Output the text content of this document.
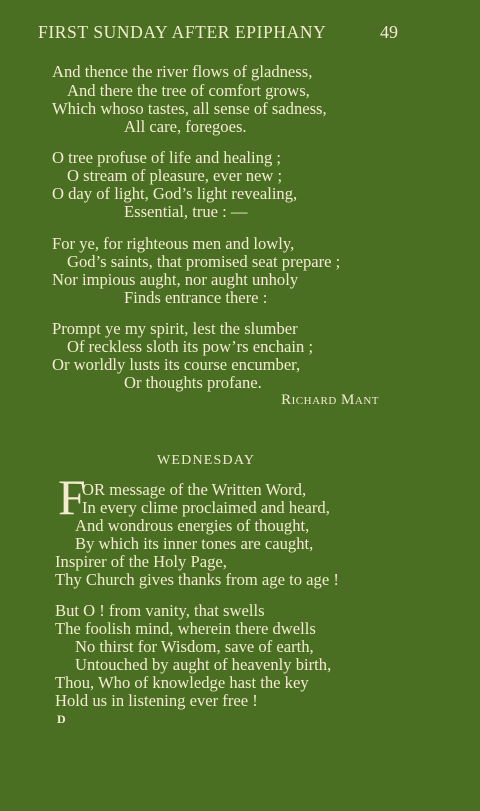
FIRST SUNDAY AFTER EPIPHANY	49
And thence the river flows of gladness,
And there the tree of comfort grows,
Which whoso tastes, all sense of sadness,
All care, foregoes.
O tree profuse of life and healing ;
O stream of pleasure, ever new ;
O day of light, God’s light revealing,
Essential, true : —
For ye, for righteous men and lowly,
God’s saints, that promised seat prepare ;
Nor impious aught, nor aught unholy
Finds entrance there :
Prompt ye my spirit, lest the slumber
Of reckless sloth its pow’rs enchain ;
Or worldly lusts its course encumber,
Or thoughts profane.
Richard Mant
WEDNESDAY
F
OR message of the Written Word,
In every clime proclaimed and heard,
And wondrous energies of thought,
By which its inner tones are caught,
Inspirer of the Holy Page,
Thy Church gives thanks from age to age !
But O ! from vanity, that swells
The foolish mind, wherein there dwells
No thirst for Wisdom, save of earth,
Untouched by aught of heavenly birth,
Thou, Who of knowledge hast the key
Hold us in listening ever free !
D
